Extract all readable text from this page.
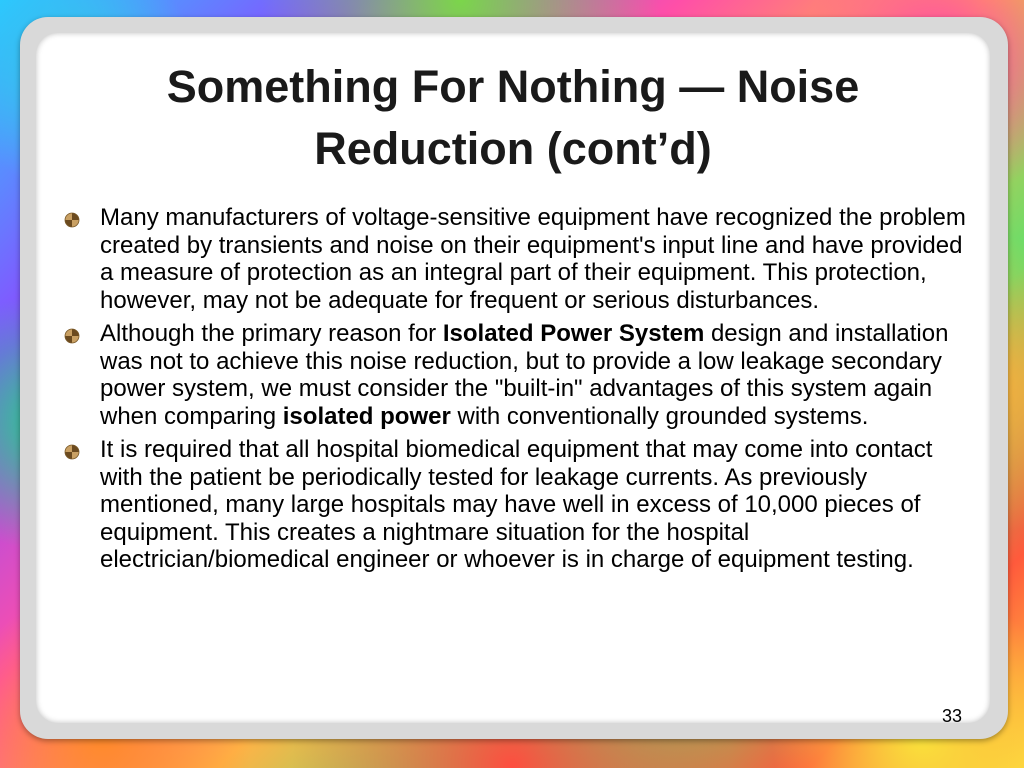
Something For Nothing — Noise
Reduction (cont’d)
Many manufacturers of voltage-sensitive equipment have recognized the problem created by transients and noise on their equipment's input line and have provided a measure of protection as an integral part of their equipment. This protection, however, may not be adequate for frequent or serious disturbances.
Although the primary reason for Isolated Power System design and installation was not to achieve this noise reduction, but to provide a low leakage secondary power system, we must consider the "built-in" advantages of this system again when comparing isolated power with conventionally grounded systems.
It is required that all hospital biomedical equipment that may come into contact with the patient be periodically tested for leakage currents. As previously mentioned, many large hospitals may have well in excess of 10,000 pieces of equipment. This creates a nightmare situation for the hospital electrician/biomedical engineer or whoever is in charge of equipment testing.
33
